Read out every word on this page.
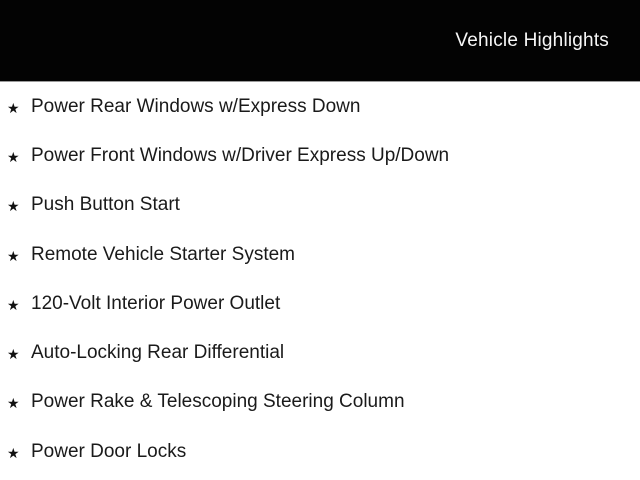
Vehicle Highlights
★ Power Rear Windows w/Express Down
★ Power Front Windows w/Driver Express Up/Down
★ Push Button Start
★ Remote Vehicle Starter System
★ 120-Volt Interior Power Outlet
★ Auto-Locking Rear Differential
★ Power Rake & Telescoping Steering Column
★ Power Door Locks
